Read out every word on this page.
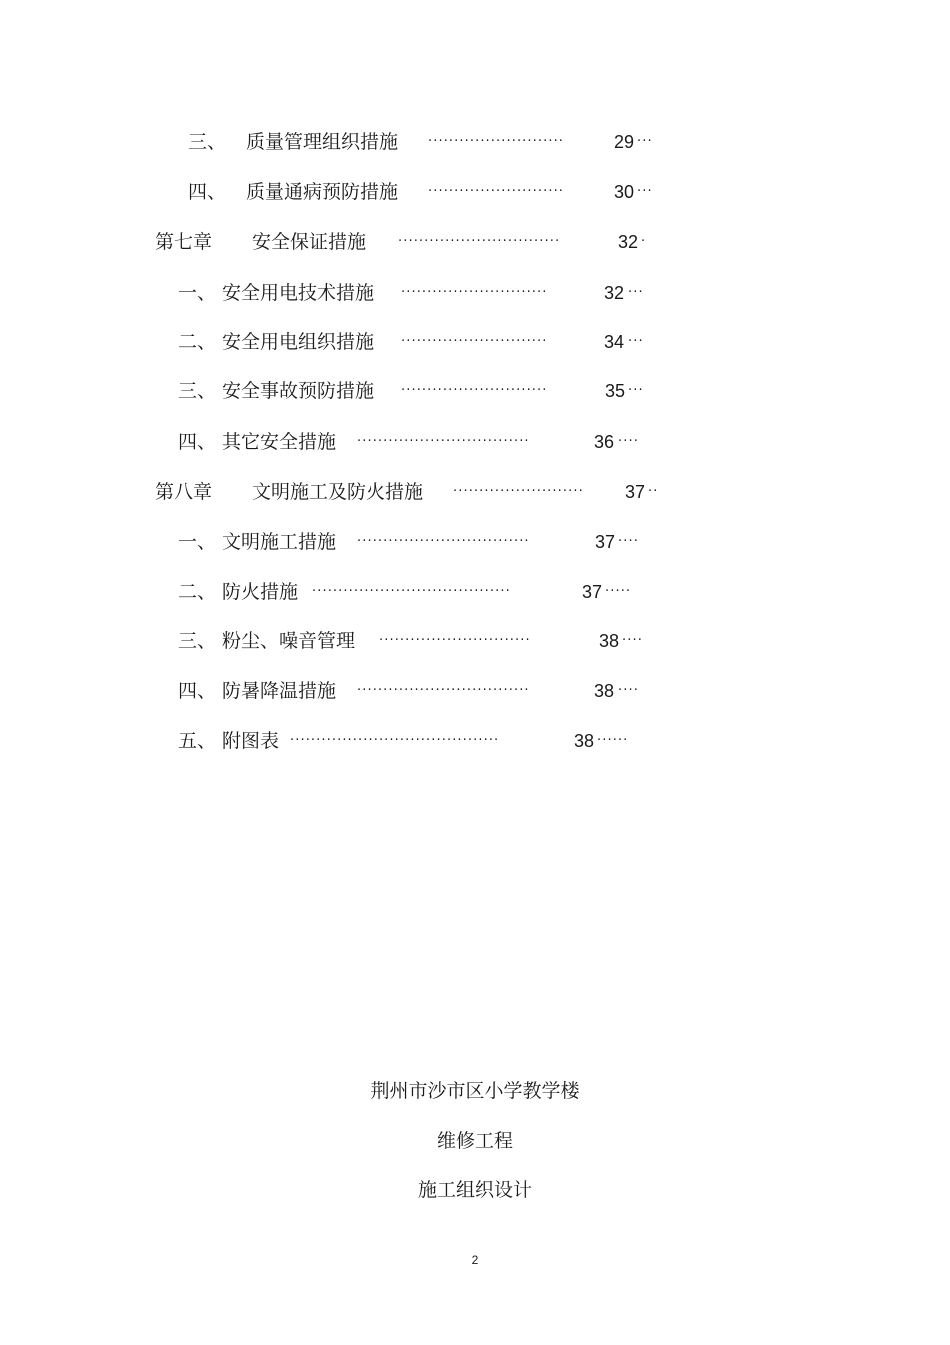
三、 质量管理组织措施 ··························	29 ···
四、 质量通病预防措施 ··························	30 ···
第七章 安全保证措施 ·······························	32 ·
一、 安全用电技术措施 ····························	32 ···
二、 安全用电组织措施 ····························	34 ···
三、 安全事故预防措施 ····························	35 ···
四、 其它安全措施 ·································	36 ····
第八章 文明施工及防火措施 ·························	37 ··
一、 文明施工措施 ·································	37 ····
二、 防火措施 ······································	37 ·····
三、 粉尘、噪音管理 ·····························	38 ····
四、 防暑降温措施 ·································	38 ····
五、 附图表 ········································	38 ······
荆州市沙市区小学教学楼
维修工程
施工组织设计
2
